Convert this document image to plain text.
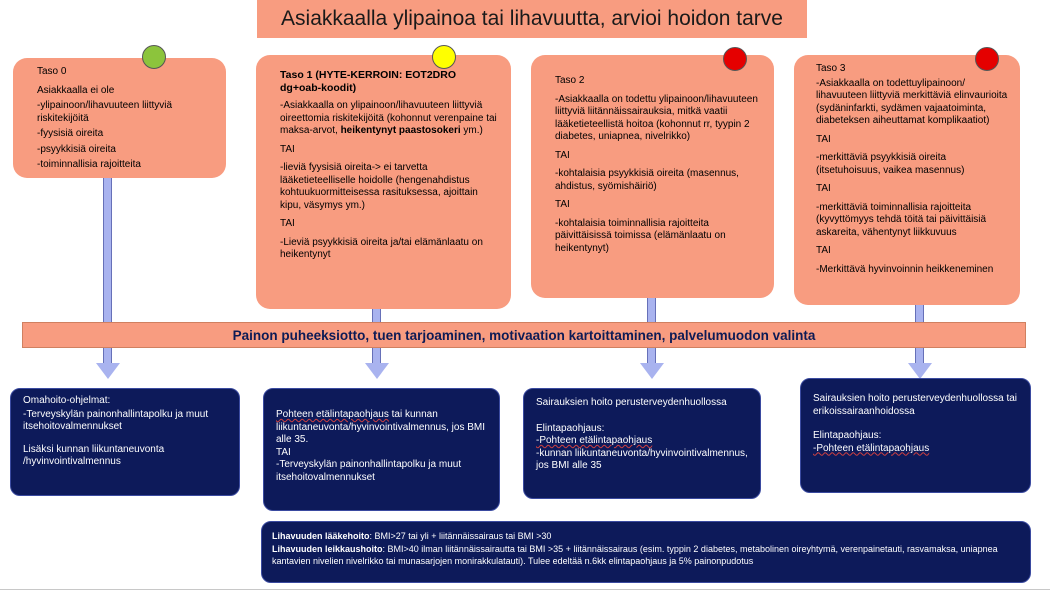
Asiakkaalla ylipainoa tai lihavuutta, arvioi hoidon tarve

Taso 0

Asiakkaalla ei ole

-ylipainoon/lihavuuteen liittyviä riskitekijöitä

-fyysisiä oireita

-psyykkisiä oireita

-toiminnallisia rajoitteita

Taso 1 (HYTE-KERROIN: EOT2DRO dg+oab-koodit)

-Asiakkaalla on ylipainoon/lihavuuteen liittyviä oireettomia riskitekijöitä (kohonnut verenpaine tai maksa-arvot, heikentynyt paastosokeri ym.)

TAI

-lieviä fyysisiä oireita-> ei tarvetta lääketieteelliselle hoidolle (hengenahdistus kohtuukuormitteisessa rasituksessa, ajoittain kipu, väsymys ym.)

TAI

-Lieviä psyykkisiä oireita ja/tai elämänlaatu on heikentynyt

Taso 2

-Asiakkaalla on todettu ylipainoon/lihavuuteen liittyviä liitännäissairauksia, mitkä vaatii lääketieteellistä hoitoa (kohonnut rr, tyypin 2 diabetes, uniapnea, nivelrikko)

TAI

-kohtalaisia psyykkisiä oireita (masennus, ahdistus, syömishäiriö)

TAI

-kohtalaisia toiminnallisia rajoitteita päivittäisissä toimissa (elämänlaatu on heikentynyt)

Taso 3

-Asiakkaalla on todettuylipainoon/ lihavuuteen liittyviä merkittäviä elinvaurioita (sydäninfarkti, sydämen vajaatoiminta, diabeteksen aiheuttamat komplikaatiot)

TAI

-merkittäviä psyykkisiä oireita (itsetuhoisuus, vaikea masennus)

TAI

-merkittäviä toiminnallisia rajoitteita (kyvyttömyys tehdä töitä tai päivittäisiä askareita, vähentynyt liikkuvuus

TAI

-Merkittävä hyvinvoinnin heikkeneminen

Painon puheeksiotto, tuen tarjoaminen, motivaation kartoittaminen, palvelumuodon valinta

Omahoito-ohjelmat:

-Terveyskylän painonhallintapolku ja muut itsehoitovalmennukset

Lisäksi kunnan liikuntaneuvonta /hyvinvointivalmennus

Pohteen etälintapaohjaus tai kunnan liikuntaneuvonta/hyvinvointivalmennus, jos BMI alle 35.

TAI

-Terveyskylän painonhallintapolku ja muut itsehoitovalmennukset

Sairauksien hoito perusterveydenhuollossa

Elintapaohjaus:

-Pohteen etälintapaohjaus

-kunnan liikuntaneuvonta/hyvinvointivalmennus, jos BMI alle 35

Sairauksien hoito perusterveydenhuollossa tai erikoissairaanhoidossa

Elintapaohjaus:

-Pohteen etälintapaohjaus

Lihavuuden lääkehoito: BMI>27 tai yli + liitännäissairaus tai BMI >30

Lihavuuden leikkaushoito: BMI>40 ilman liitännäissairautta tai BMI >35 + liitännäissairaus (esim. typpin 2 diabetes, metabolinen oireyhtymä, verenpainetauti, rasvamaksa, uniapnea kantavien nivelien nivelrikko tai munasarjojen monirakkulatauti). Tulee edeltää n.6kk elintapaohjaus ja 5% painonpudotus
